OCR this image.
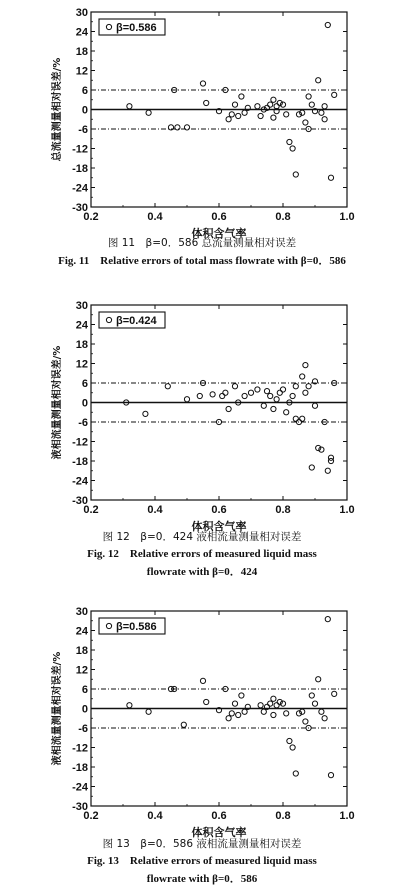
30
24
18
12
6
0
-6
-12
-18
-24
-30
0.2	0.4	0.6	0.8	1.0
β=0.586
体积含气率
总流量测量相对误差/%
图 11　β=0．586 总流量测量相对误差
Fig. 11　Relative errors of total mass flowrate with β=0．586
30
24
18
12
6
0
-6
-12
-18
-24
-30
0.2	0.4	0.6	0.8	1.0
β=0.424
体积含气率
液相流量测量相对误差/%
图 12　β=0．424 液相流量测量相对误差
Fig. 12　Relative errors of measured liquid mass
flowrate with β=0．424
30
24
18
12
6
0
-6
-12
-18
-24
-30
0.2	0.4	0.6	0.8	1.0
β=0.586
体积含气率
液相流量测量相对误差/%
图 13　β=0．586 液相流量测量相对误差
Fig. 13　Relative errors of measured liquid mass
flowrate with β=0．586
